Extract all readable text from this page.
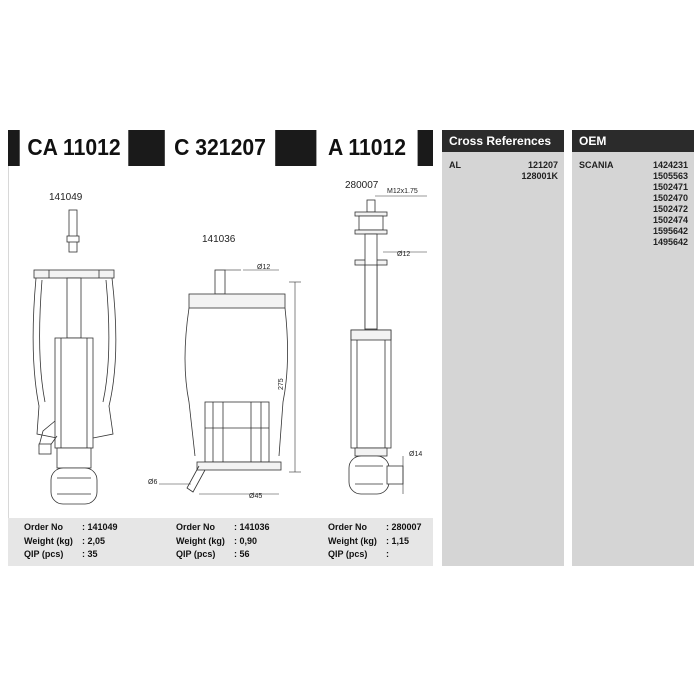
CA 11012	C 321207	A 11012
141049
141036
Ø12
275
Ø45
Ø6
280007
M12x1.75
Ø12
Ø14
Order No : 141049
Weight (kg) : 2,05
QIP (pcs) : 35
Order No : 141036
Weight (kg) : 0,90
QIP (pcs) : 56
Order No : 280007
Weight (kg) : 1,15
QIP (pcs) :
Cross References
AL	121207
128001K
OEM
SCANIA	1424231
1505563
1502471
1502470
1502472
1502474
1595642
1495642
